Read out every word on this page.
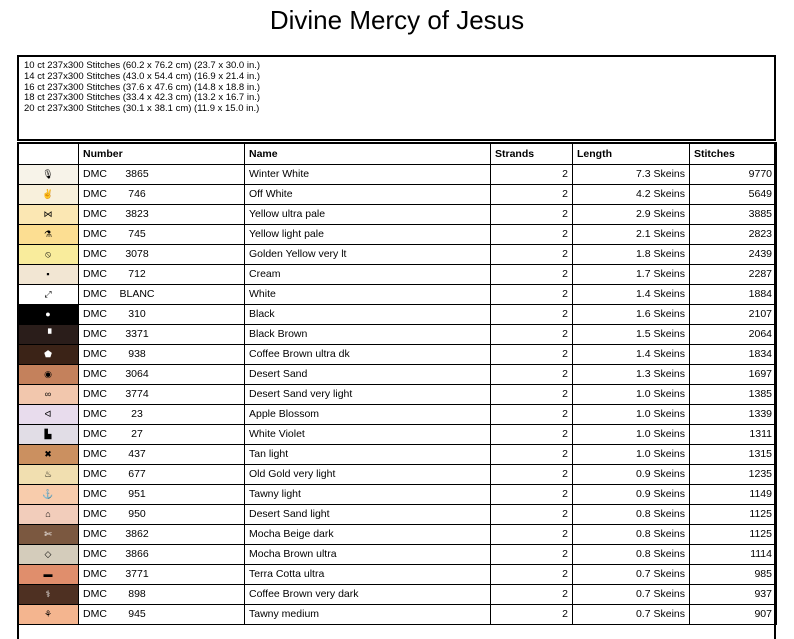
Divine Mercy of Jesus
10 ct 237x300 Stitches (60.2 x 76.2 cm) (23.7 x 30.0 in.)
14 ct 237x300 Stitches (43.0 x 54.4 cm) (16.9 x 21.4 in.)
16 ct 237x300 Stitches (37.6 x 47.6 cm) (14.8 x 18.8 in.)
18 ct 237x300 Stitches (33.4 x 42.3 cm) (13.2 x 16.7 in.)
20 ct 237x300 Stitches (30.1 x 38.1 cm) (11.9 x 15.0 in.)
	Number	Name	Strands	Length	Stitches
🎙	DMC 3865	Winter White	2	7.3 Skeins	9770
✌	DMC 746	Off White	2	4.2 Skeins	5649
⋈	DMC 3823	Yellow ultra pale	2	2.9 Skeins	3885
⚗	DMC 745	Yellow light pale	2	2.1 Skeins	2823
⦸	DMC 3078	Golden Yellow very lt	2	1.8 Skeins	2439
▪	DMC 712	Cream	2	1.7 Skeins	2287
⤢	DMC BLANC	White	2	1.4 Skeins	1884
●	DMC 310	Black	2	1.6 Skeins	2107
▝	DMC 3371	Black Brown	2	1.5 Skeins	2064
⬟	DMC 938	Coffee Brown ultra dk	2	1.4 Skeins	1834
◉	DMC 3064	Desert Sand	2	1.3 Skeins	1697
∞	DMC 3774	Desert Sand very light	2	1.0 Skeins	1385
ᐊ	DMC 23	Apple Blossom	2	1.0 Skeins	1339
▙	DMC 27	White Violet	2	1.0 Skeins	1311
✖	DMC 437	Tan light	2	1.0 Skeins	1315
♨	DMC 677	Old Gold very light	2	0.9 Skeins	1235
⚓	DMC 951	Tawny light	2	0.9 Skeins	1149
⌂	DMC 950	Desert Sand light	2	0.8 Skeins	1125
✄	DMC 3862	Mocha Beige dark	2	0.8 Skeins	1125
◇	DMC 3866	Mocha Brown ultra	2	0.8 Skeins	1114
▬	DMC 3771	Terra Cotta ultra	2	0.7 Skeins	985
⚕	DMC 898	Coffee Brown very dark	2	0.7 Skeins	937
⚘	DMC 945	Tawny medium	2	0.7 Skeins	907
